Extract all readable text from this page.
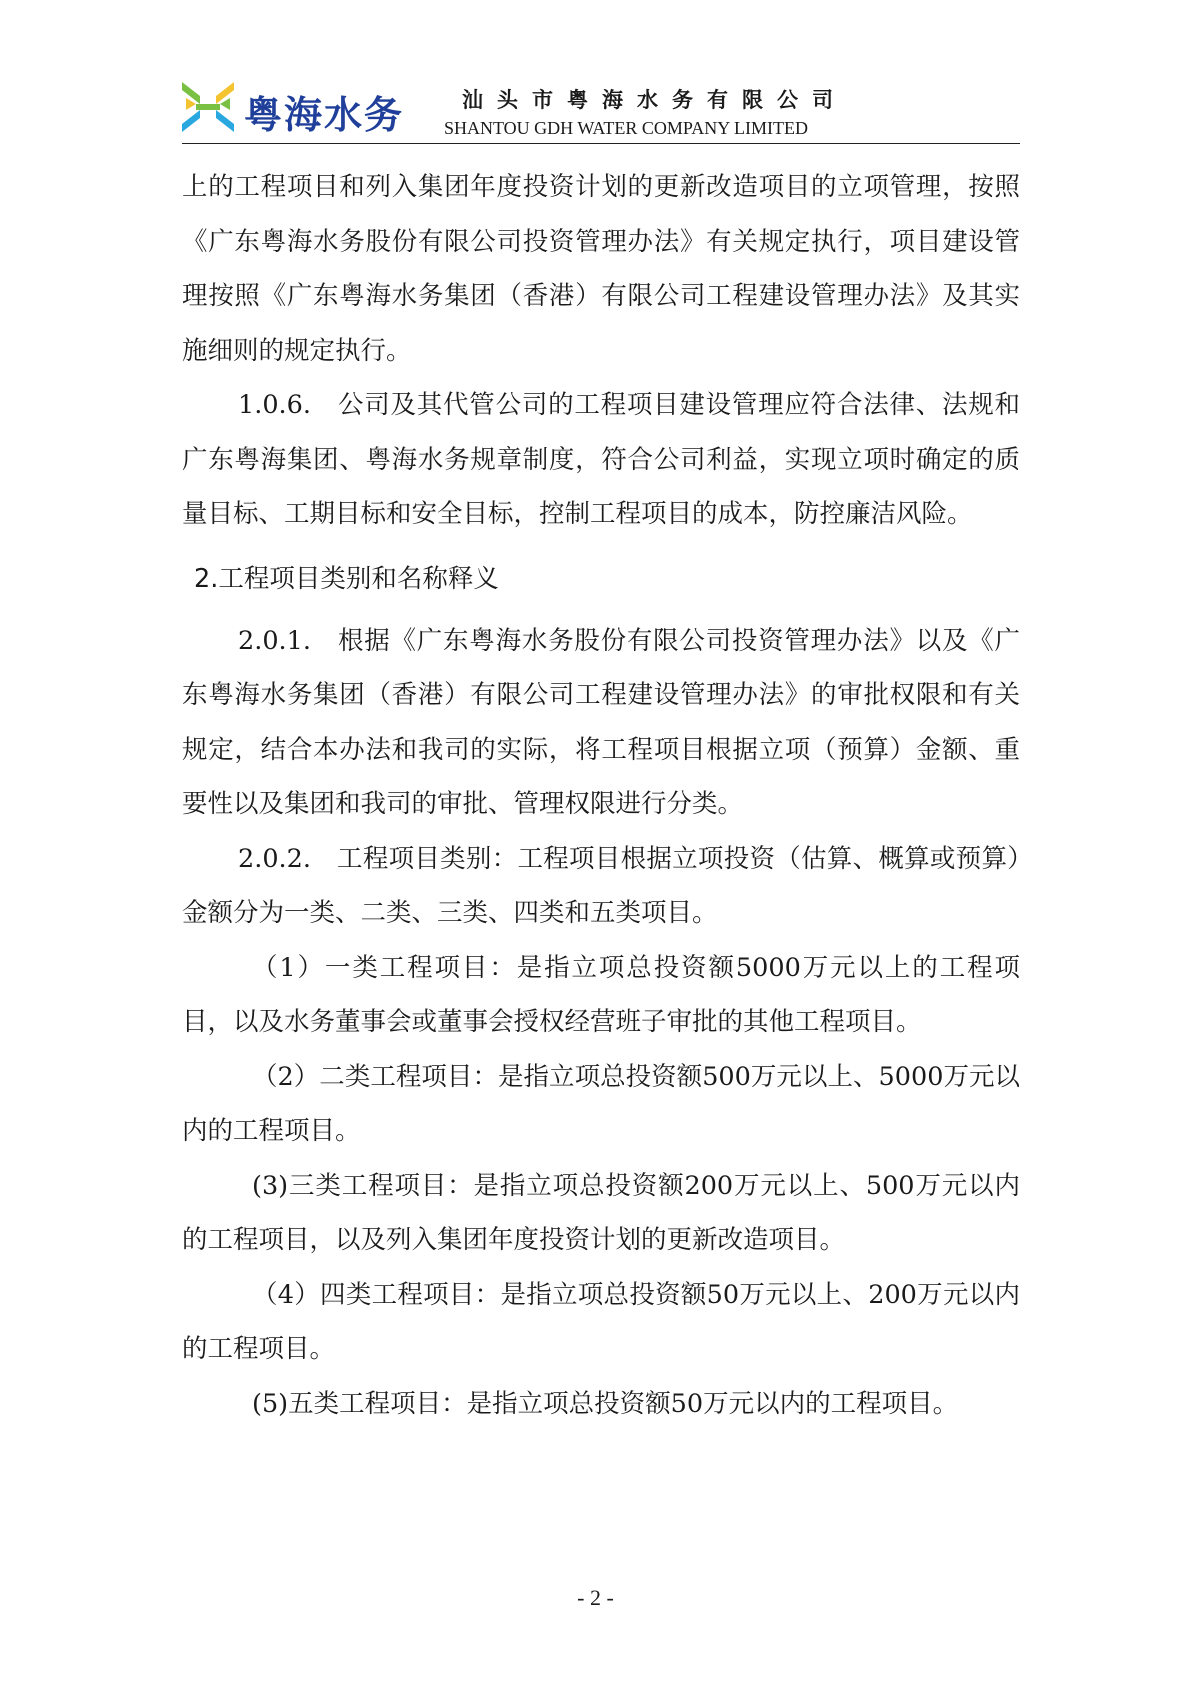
粤海水务	汕头市粤海水务有限公司
SHANTOU GDH WATER COMPANY LIMITED

上的工程项目和列入集团年度投资计划的更新改造项目的立项管理，按照《广东粤海水务股份有限公司投资管理办法》有关规定执行，项目建设管理按照《广东粤海水务集团（香港）有限公司工程建设管理办法》及其实施细则的规定执行。

1.0.6.　公司及其代管公司的工程项目建设管理应符合法律、法规和广东粤海集团、粤海水务规章制度，符合公司利益，实现立项时确定的质量目标、工期目标和安全目标，控制工程项目的成本，防控廉洁风险。

2.工程项目类别和名称释义

2.0.1.　根据《广东粤海水务股份有限公司投资管理办法》以及《广东粤海水务集团（香港）有限公司工程建设管理办法》的审批权限和有关规定，结合本办法和我司的实际，将工程项目根据立项（预算）金额、重要性以及集团和我司的审批、管理权限进行分类。

2.0.2.　工程项目类别：工程项目根据立项投资（估算、概算或预算）金额分为一类、二类、三类、四类和五类项目。

（1）一类工程项目：是指立项总投资额5000万元以上的工程项目，以及水务董事会或董事会授权经营班子审批的其他工程项目。

（2）二类工程项目：是指立项总投资额500万元以上、5000万元以内的工程项目。

(3)三类工程项目：是指立项总投资额200万元以上、500万元以内的工程项目，以及列入集团年度投资计划的更新改造项目。

（4）四类工程项目：是指立项总投资额50万元以上、200万元以内的工程项目。

(5)五类工程项目：是指立项总投资额50万元以内的工程项目。

- 2 -
